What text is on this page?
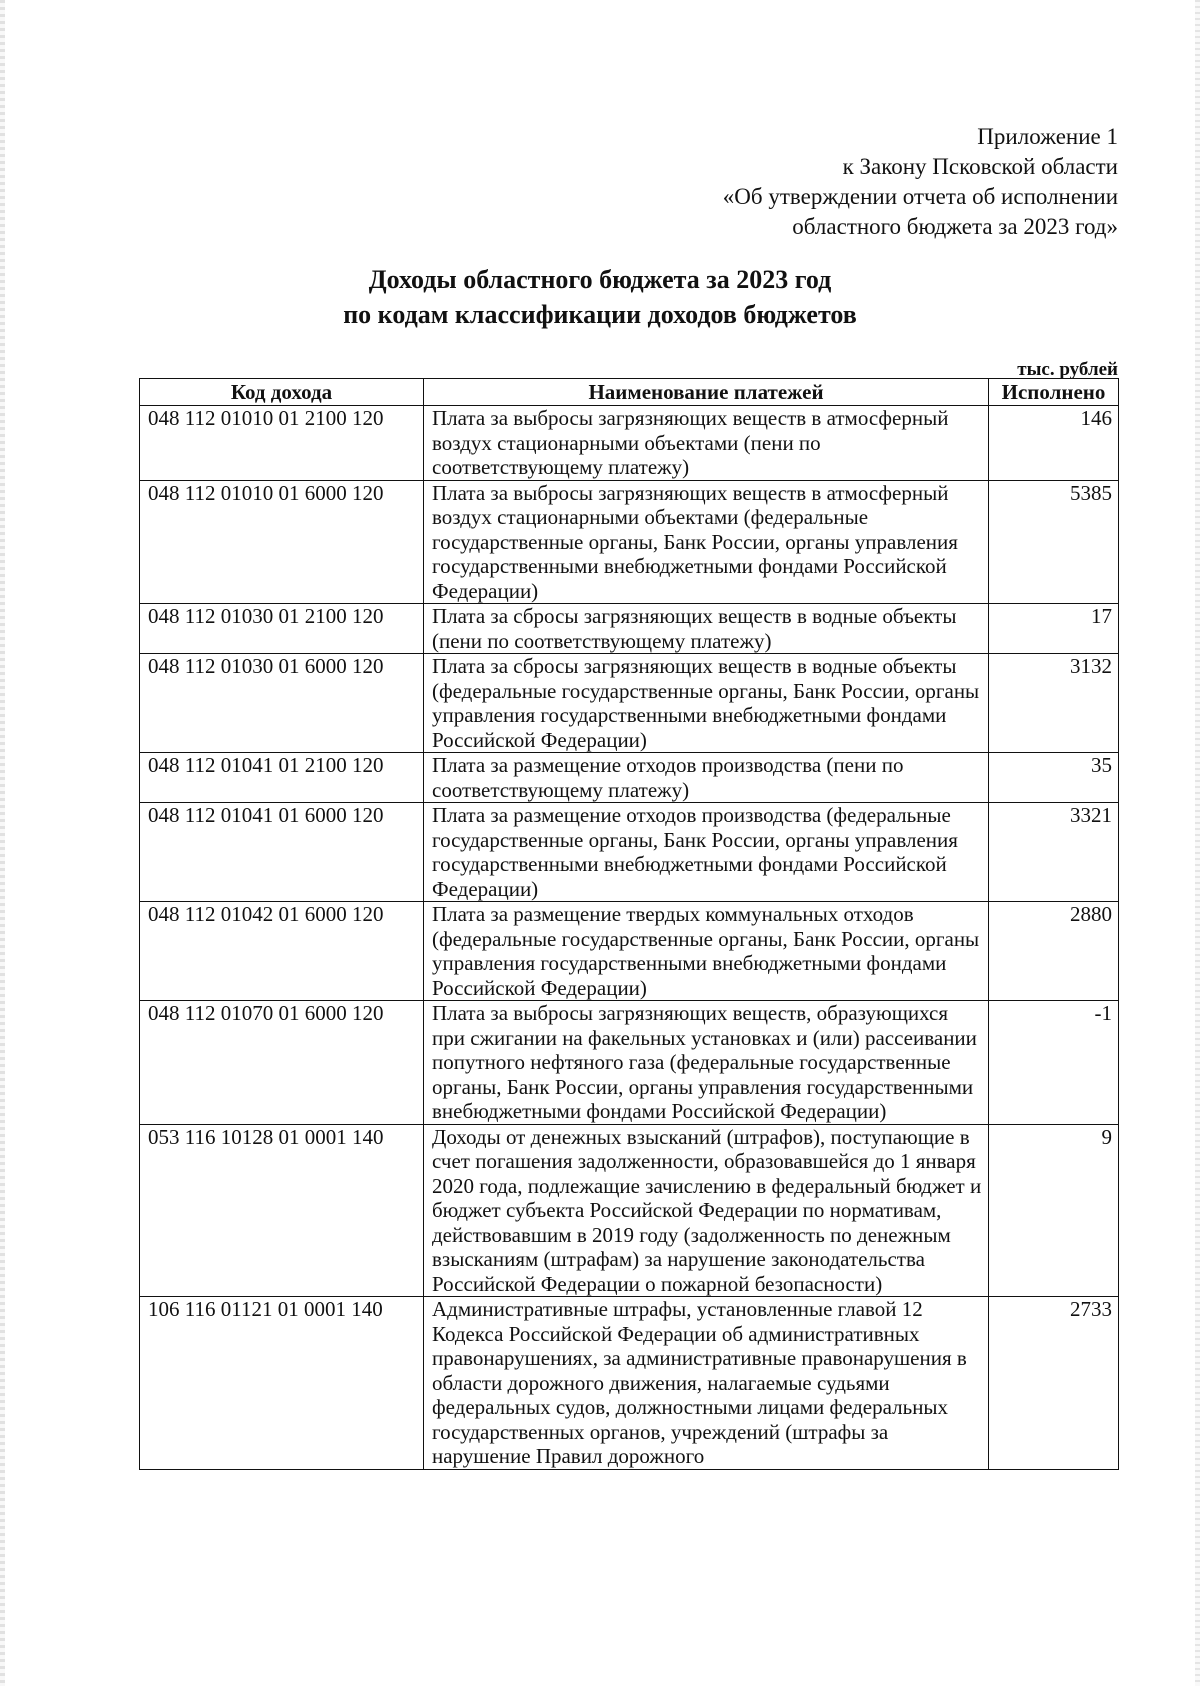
Приложение 1
к Закону Псковской области
«Об утверждении отчета об исполнении
областного бюджета за 2023 год»
Доходы областного бюджета за 2023 год
по кодам классификации доходов бюджетов
тыс. рублей
Код дохода	Наименование платежей	Исполнено
048 112 01010 01 2100 120	Плата за выбросы загрязняющих веществ в атмосферный воздух стационарными объектами (пени по соответствующему платежу)	146
048 112 01010 01 6000 120	Плата за выбросы загрязняющих веществ в атмосферный воздух стационарными объектами (федеральные государственные органы, Банк России, органы управления государственными внебюджетными фондами Российской Федерации)	5385
048 112 01030 01 2100 120	Плата за сбросы загрязняющих веществ в водные объекты (пени по соответствующему платежу)	17
048 112 01030 01 6000 120	Плата за сбросы загрязняющих веществ в водные объекты (федеральные государственные органы, Банк России, органы управления государственными внебюджетными фондами Российской Федерации)	3132
048 112 01041 01 2100 120	Плата за размещение отходов производства (пени по соответствующему платежу)	35
048 112 01041 01 6000 120	Плата за размещение отходов производства (федеральные государственные органы, Банк России, органы управления государственными внебюджетными фондами Российской Федерации)	3321
048 112 01042 01 6000 120	Плата за размещение твердых коммунальных отходов (федеральные государственные органы, Банк России, органы управления государственными внебюджетными фондами Российской Федерации)	2880
048 112 01070 01 6000 120	Плата за выбросы загрязняющих веществ, образующихся при сжигании на факельных установках и (или) рассеивании попутного нефтяного газа (федеральные государственные органы, Банк России, органы управления государственными внебюджетными фондами Российской Федерации)	-1
053 116 10128 01 0001 140	Доходы от денежных взысканий (штрафов), поступающие в счет погашения задолженности, образовавшейся до 1 января 2020 года, подлежащие зачислению в федеральный бюджет и бюджет субъекта Российской Федерации по нормативам, действовавшим в 2019 году (задолженность по денежным взысканиям (штрафам) за нарушение законодательства Российской Федерации о пожарной безопасности)	9
106 116 01121 01 0001 140	Административные штрафы, установленные главой 12 Кодекса Российской Федерации об административных правонарушениях, за административные правонарушения в области дорожного движения, налагаемые судьями федеральных судов, должностными лицами федеральных государственных органов, учреждений (штрафы за нарушение Правил дорожного	2733
